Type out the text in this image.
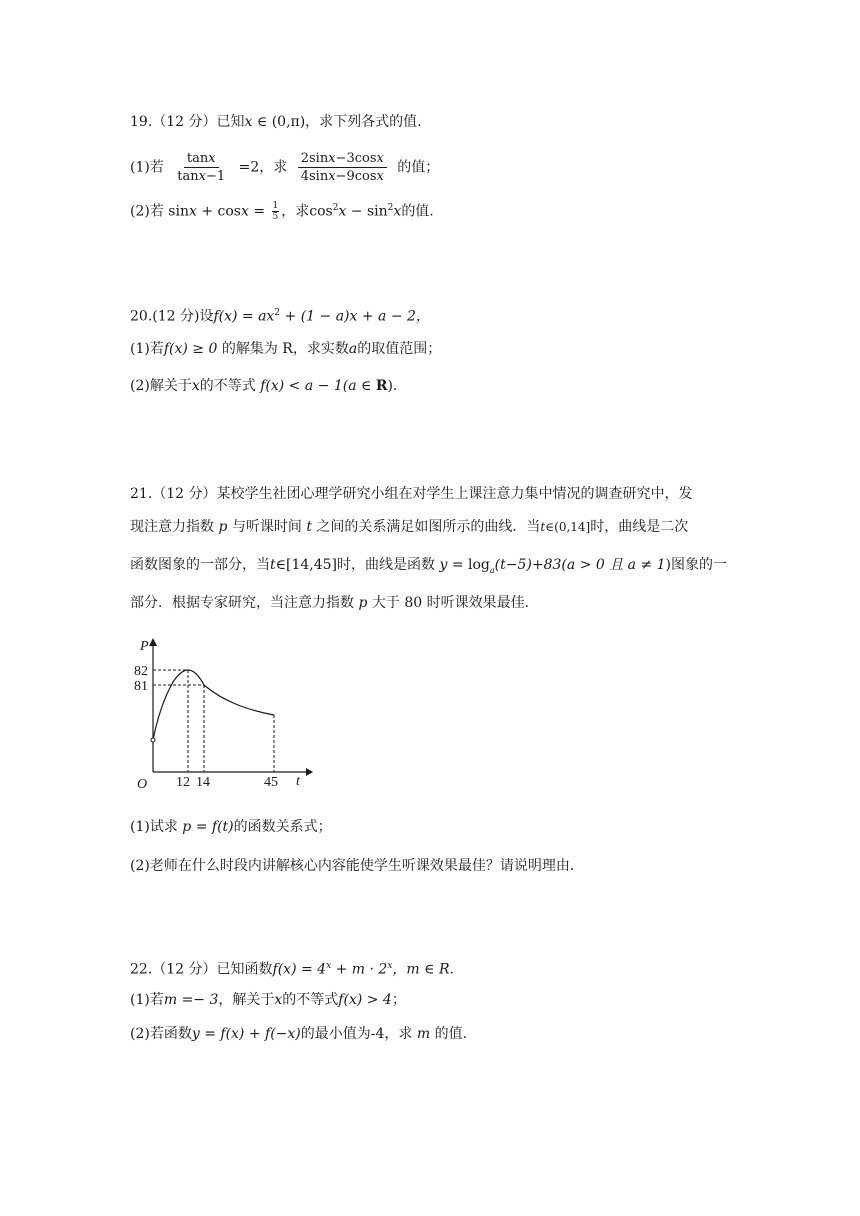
19.（12 分）已知x ∈ (0,π)，求下列各式的值.
(1)若 $\frac{\tan x}{\tan x-1} =2$，求 $\frac{2\sin x-3\cos x}{4\sin x-9\cos x}$ 的值；
(2)若 $\sin x + \cos x = \frac{1}{5}$ ，求$\cos^2x - \sin^2x$的值.
20.(12 分)设$f(x) = ax^2 + (1 - a)x + a - 2$，
(1)若f(x) ≥ 0 的解集为 R，求实数a的取值范围；
(2)解关于x的不等式 f(x) < a − 1(a ∈ R).
21.（12 分）某校学生社团心理学研究小组在对学生上课注意力集中情况的调查研究中，发
现注意力指数 p 与听课时间 t 之间的关系满足如图所示的曲线．当t∈(0,14]时，曲线是二次
函数图象的一部分，当t∈[14,45]时，曲线是函数 $y = \log_a(t-5)+83(a > 0$ 且 a ≠ 1)图象的一
部分．根据专家研究，当注意力指数 p 大于 80 时听课效果最佳．
P
t
O
82
81
12 14	45
(1)试求 p = f(t)的函数关系式；
(2)老师在什么时段内讲解核心内容能使学生听课效果最佳？请说明理由．
22.（12 分）已知函数$f(x) = 4^x + m \cdot 2^x$，m ∈ R.
(1)若m =− 3，解关于x的不等式f(x) > 4；
(2)若函数y = f(x) + f(−x)的最小值为-4，求 m 的值.
